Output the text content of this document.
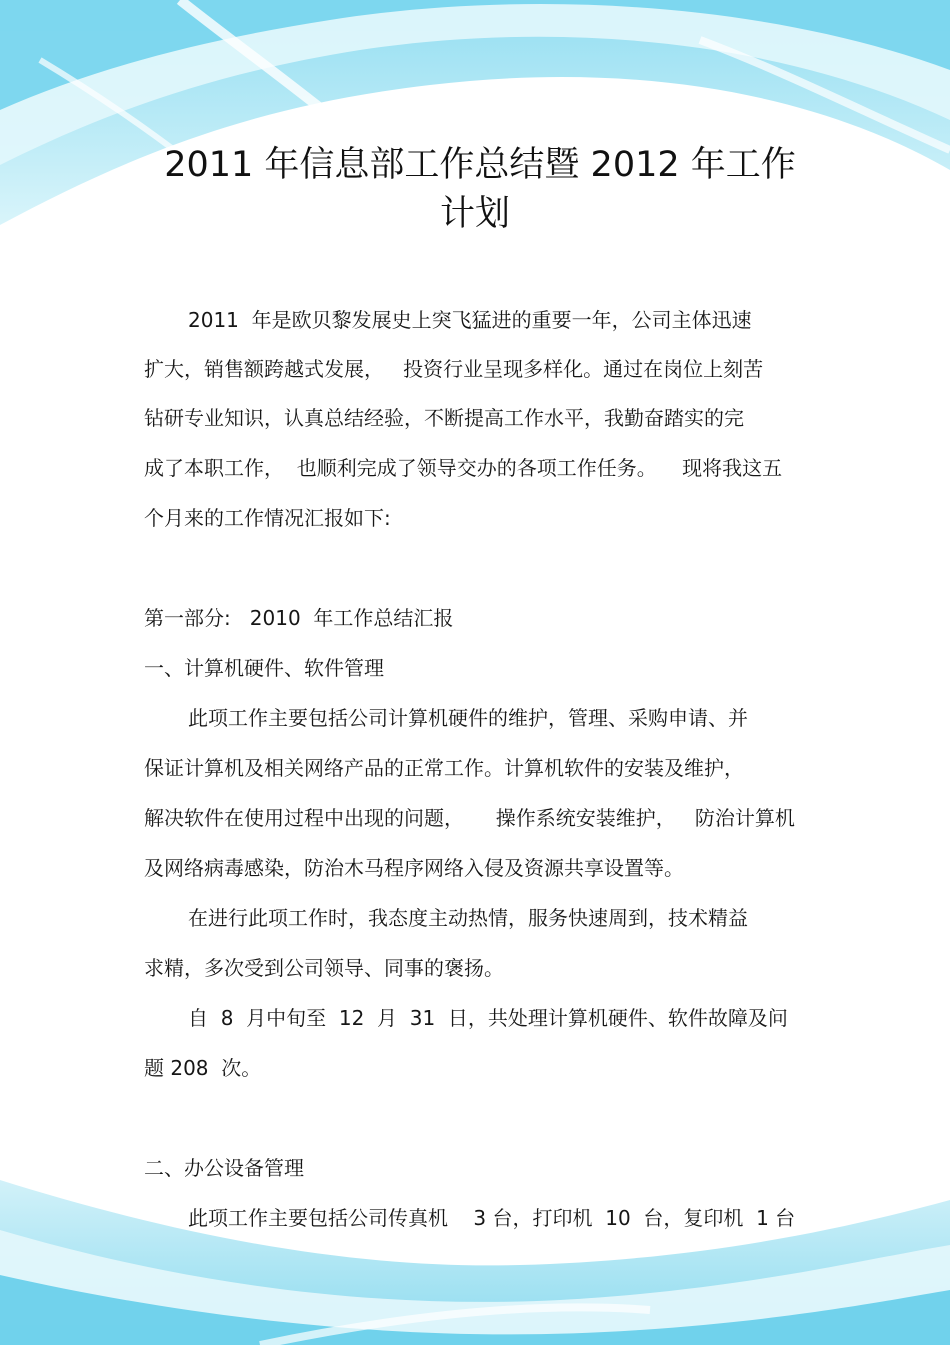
2011 年信息部工作总结暨 2012 年工作
计划
2011  年是欧贝黎发展史上突飞猛进的重要一年，公司主体迅速
扩大，销售额跨越式发展，   投资行业呈现多样化。通过在岗位上刻苦
钻研专业知识，认真总结经验，不断提高工作水平，我勤奋踏实的完
成了本职工作，  也顺利完成了领导交办的各项工作任务。    现将我这五
个月来的工作情况汇报如下:
第一部分:   2010  年工作总结汇报
一、计算机硬件、软件管理
此项工作主要包括公司计算机硬件的维护，管理、采购申请、并
保证计算机及相关网络产品的正常工作。计算机软件的安装及维护，
解决软件在使用过程中出现的问题，     操作系统安装维护，   防治计算机
及网络病毒感染，防治木马程序网络入侵及资源共享设置等。
在进行此项工作时，我态度主动热情，服务快速周到，技术精益
求精，多次受到公司领导、同事的褒扬。
自  8  月中旬至  12  月  31  日，共处理计算机硬件、软件故障及问
题 208  次。
二、办公设备管理
此项工作主要包括公司传真机    3 台，打印机  10  台，复印机  1 台
